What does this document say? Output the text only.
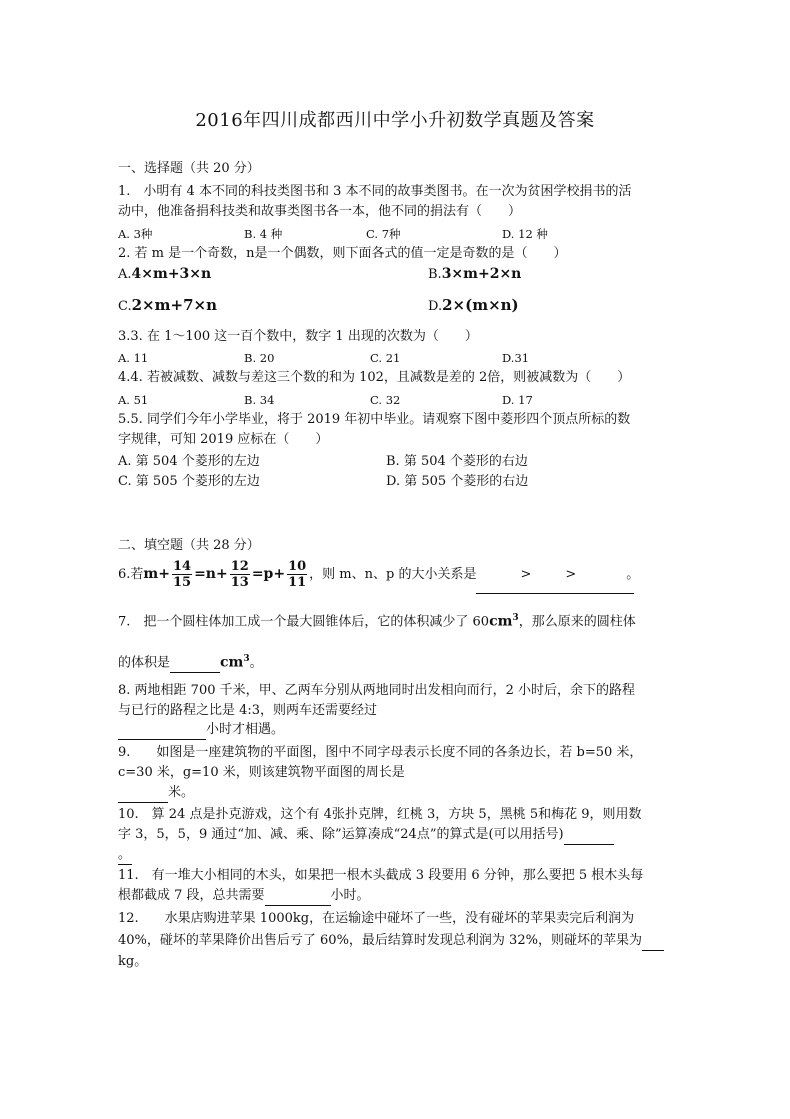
2016年四川成都西川中学小升初数学真题及答案
一、选择题（共 20 分）
1.　小明有 4 本不同的科技类图书和 3 本不同的故事类图书。在一次为贫困学校捐书的活
动中，他准备捐科技类和故事类图书各一本，他不同的捐法有（　　）
A. 3种	B. 4 种	C. 7种	D. 12 种
2. 若 m 是一个奇数，n是一个偶数，则下面各式的值一定是奇数的是（　　）
A.4×m+3×n	B.3×m+2×n
C.2×m+7×n	D.2×(m×n)
3.3. 在 1～100 这一百个数中，数字 1 出现的次数为（　　）
A. 11	B. 20	C. 21	D.31
4.4. 若被减数、减数与差这三个数的和为 102，且减数是差的 2倍，则被减数为（　　）
A. 51	B. 34	C. 32	D. 17
5.5. 同学们今年小学毕业，将于 2019 年初中毕业。请观察下图中菱形四个顶点所标的数
字规律，可知 2019 应标在（　　）
A. 第 504 个菱形的左边	B. 第 504 个菱形的右边
C. 第 505 个菱形的左边	D. 第 505 个菱形的右边
二、填空题（共 28 分）
6.若$m+ \frac{14}{15} =n+ \frac{12}{13} =p+ \frac{10}{11}$ ，则 m、n、p 的大小关系是	>	>	。
7.　把一个圆柱体加工成一个最大圆锥体后，它的体积减少了 $60cm^3$，那么原来的圆柱体
的体积是	$cm^3$。
8. 两地相距 700 千米，甲、乙两车分别从两地同时出发相向而行，2 小时后，余下的路程
与已行的路程之比是 4:3，则两车还需要经过
小时才相遇。
9.　　如图是一座建筑物的平面图，图中不同字母表示长度不同的各条边长，若 b=50 米，
c=30 米，g=10 米，则该建筑物平面图的周长是
米。
10.　算 24 点是扑克游戏，这个有 4张扑克牌，红桃 3，方块 5，黑桃 5和梅花 9，则用数
字 3，5，5，9 通过“加、减、乘、除”运算凑成“24点”的算式是(可以用括号)
。
11.　有一堆大小相同的木头，如果把一根木头截成 3 段要用 6 分钟，那么要把 5 根木头每
根都截成 7 段，总共需要	小时。
12.　　水果店购进苹果 1000kg，在运输途中碰坏了一些，没有碰坏的苹果卖完后利润为
40%，碰坏的苹果降价出售后亏了 60%，最后结算时发现总利润为 32%，则碰坏的苹果为
kg。
